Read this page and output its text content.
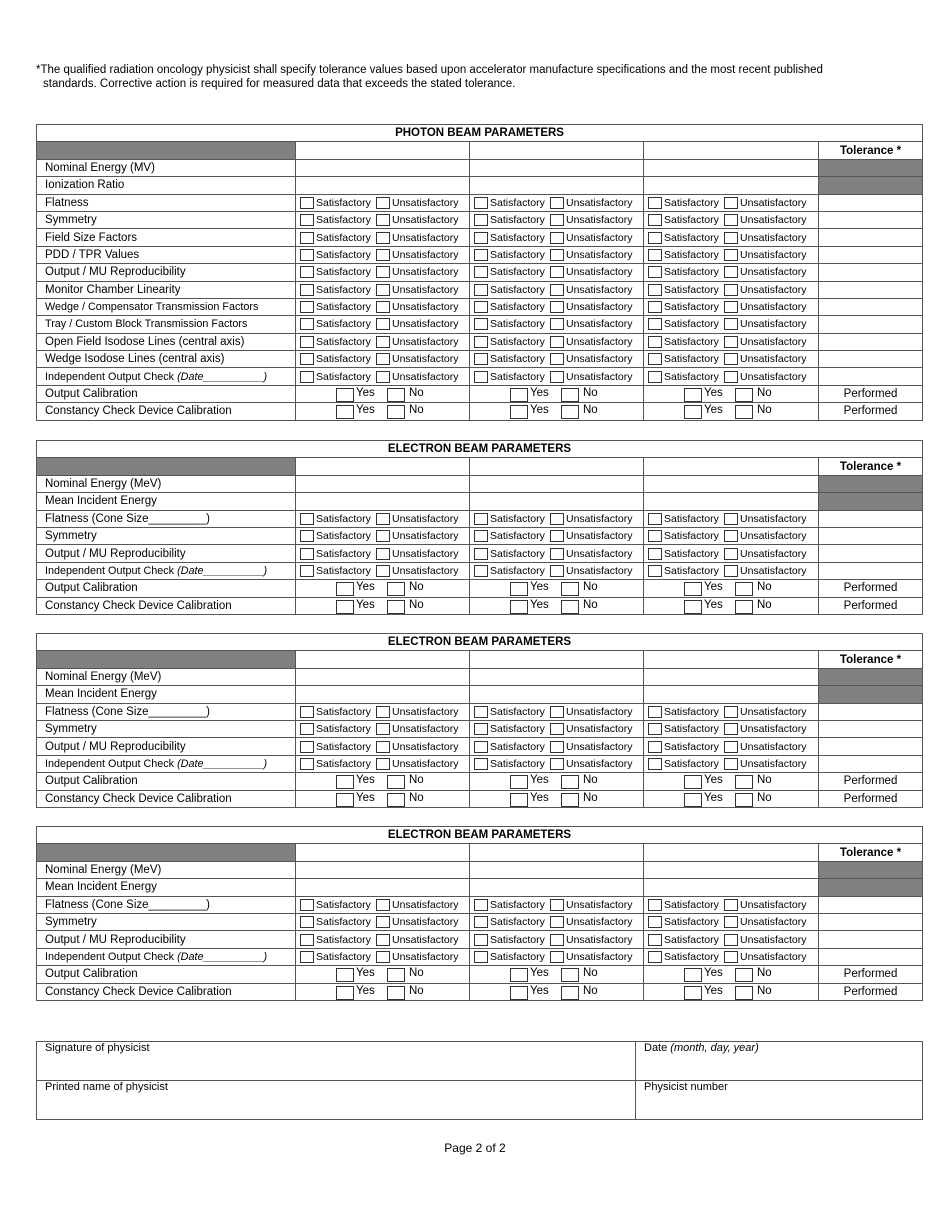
*The qualified radiation oncology physicist shall specify tolerance values based upon accelerator manufacture specifications and the most recent published

standards. Corrective action is required for measured data that exceeds the stated tolerance.

PHOTON BEAM PARAMETERS				
				Tolerance *
Nominal Energy (MV)				
Ionization Ratio				
Flatness	Satisfactory Unsatisfactory	Satisfactory Unsatisfactory	Satisfactory Unsatisfactory	

Symmetry	Satisfactory Unsatisfactory	Satisfactory Unsatisfactory	Satisfactory Unsatisfactory	

Field Size Factors	Satisfactory Unsatisfactory	Satisfactory Unsatisfactory	Satisfactory Unsatisfactory	

PDD / TPR Values	Satisfactory Unsatisfactory	Satisfactory Unsatisfactory	Satisfactory Unsatisfactory	

Output / MU Reproducibility	Satisfactory Unsatisfactory	Satisfactory Unsatisfactory	Satisfactory Unsatisfactory	

Monitor Chamber Linearity	Satisfactory Unsatisfactory	Satisfactory Unsatisfactory	Satisfactory Unsatisfactory	

Wedge / Compensator Transmission Factors	Satisfactory Unsatisfactory	Satisfactory Unsatisfactory	Satisfactory Unsatisfactory	

Tray / Custom Block Transmission Factors	Satisfactory Unsatisfactory	Satisfactory Unsatisfactory	Satisfactory Unsatisfactory	

Open Field Isodose Lines (central axis)	Satisfactory Unsatisfactory	Satisfactory Unsatisfactory	Satisfactory Unsatisfactory	

Wedge Isodose Lines (central axis)	Satisfactory Unsatisfactory	Satisfactory Unsatisfactory	Satisfactory Unsatisfactory	

Independent Output Check (Date__________)	Satisfactory Unsatisfactory	Satisfactory Unsatisfactory	Satisfactory Unsatisfactory	

Output Calibration	Yes No	Yes No	Yes No	Performed
Constancy Check Device Calibration	Yes No	Yes No	Yes No	Performed
ELECTRON BEAM PARAMETERS				
				Tolerance *
Nominal Energy (MeV)				
Mean Incident Energy				
Flatness (Cone Size_________)	Satisfactory Unsatisfactory	Satisfactory Unsatisfactory	Satisfactory Unsatisfactory	

Symmetry	Satisfactory Unsatisfactory	Satisfactory Unsatisfactory	Satisfactory Unsatisfactory	

Output / MU Reproducibility	Satisfactory Unsatisfactory	Satisfactory Unsatisfactory	Satisfactory Unsatisfactory	

Independent Output Check (Date__________)	Satisfactory Unsatisfactory	Satisfactory Unsatisfactory	Satisfactory Unsatisfactory	

Output Calibration	Yes No	Yes No	Yes No	Performed
Constancy Check Device Calibration	Yes No	Yes No	Yes No	Performed
ELECTRON BEAM PARAMETERS				
				Tolerance *
Nominal Energy (MeV)				
Mean Incident Energy				
Flatness (Cone Size_________)	Satisfactory Unsatisfactory	Satisfactory Unsatisfactory	Satisfactory Unsatisfactory	

Symmetry	Satisfactory Unsatisfactory	Satisfactory Unsatisfactory	Satisfactory Unsatisfactory	

Output / MU Reproducibility	Satisfactory Unsatisfactory	Satisfactory Unsatisfactory	Satisfactory Unsatisfactory	

Independent Output Check (Date__________)	Satisfactory Unsatisfactory	Satisfactory Unsatisfactory	Satisfactory Unsatisfactory	

Output Calibration	Yes No	Yes No	Yes No	Performed
Constancy Check Device Calibration	Yes No	Yes No	Yes No	Performed
ELECTRON BEAM PARAMETERS				
				Tolerance *
Nominal Energy (MeV)				
Mean Incident Energy				
Flatness (Cone Size_________)	Satisfactory Unsatisfactory	Satisfactory Unsatisfactory	Satisfactory Unsatisfactory	

Symmetry	Satisfactory Unsatisfactory	Satisfactory Unsatisfactory	Satisfactory Unsatisfactory	

Output / MU Reproducibility	Satisfactory Unsatisfactory	Satisfactory Unsatisfactory	Satisfactory Unsatisfactory	

Independent Output Check (Date__________)	Satisfactory Unsatisfactory	Satisfactory Unsatisfactory	Satisfactory Unsatisfactory	

Output Calibration	Yes No	Yes No	Yes No	Performed
Constancy Check Device Calibration	Yes No	Yes No	Yes No	Performed
Signature of physicist	Date (month, day, year)
Printed name of physicist	Physicist number
Page 2 of 2
